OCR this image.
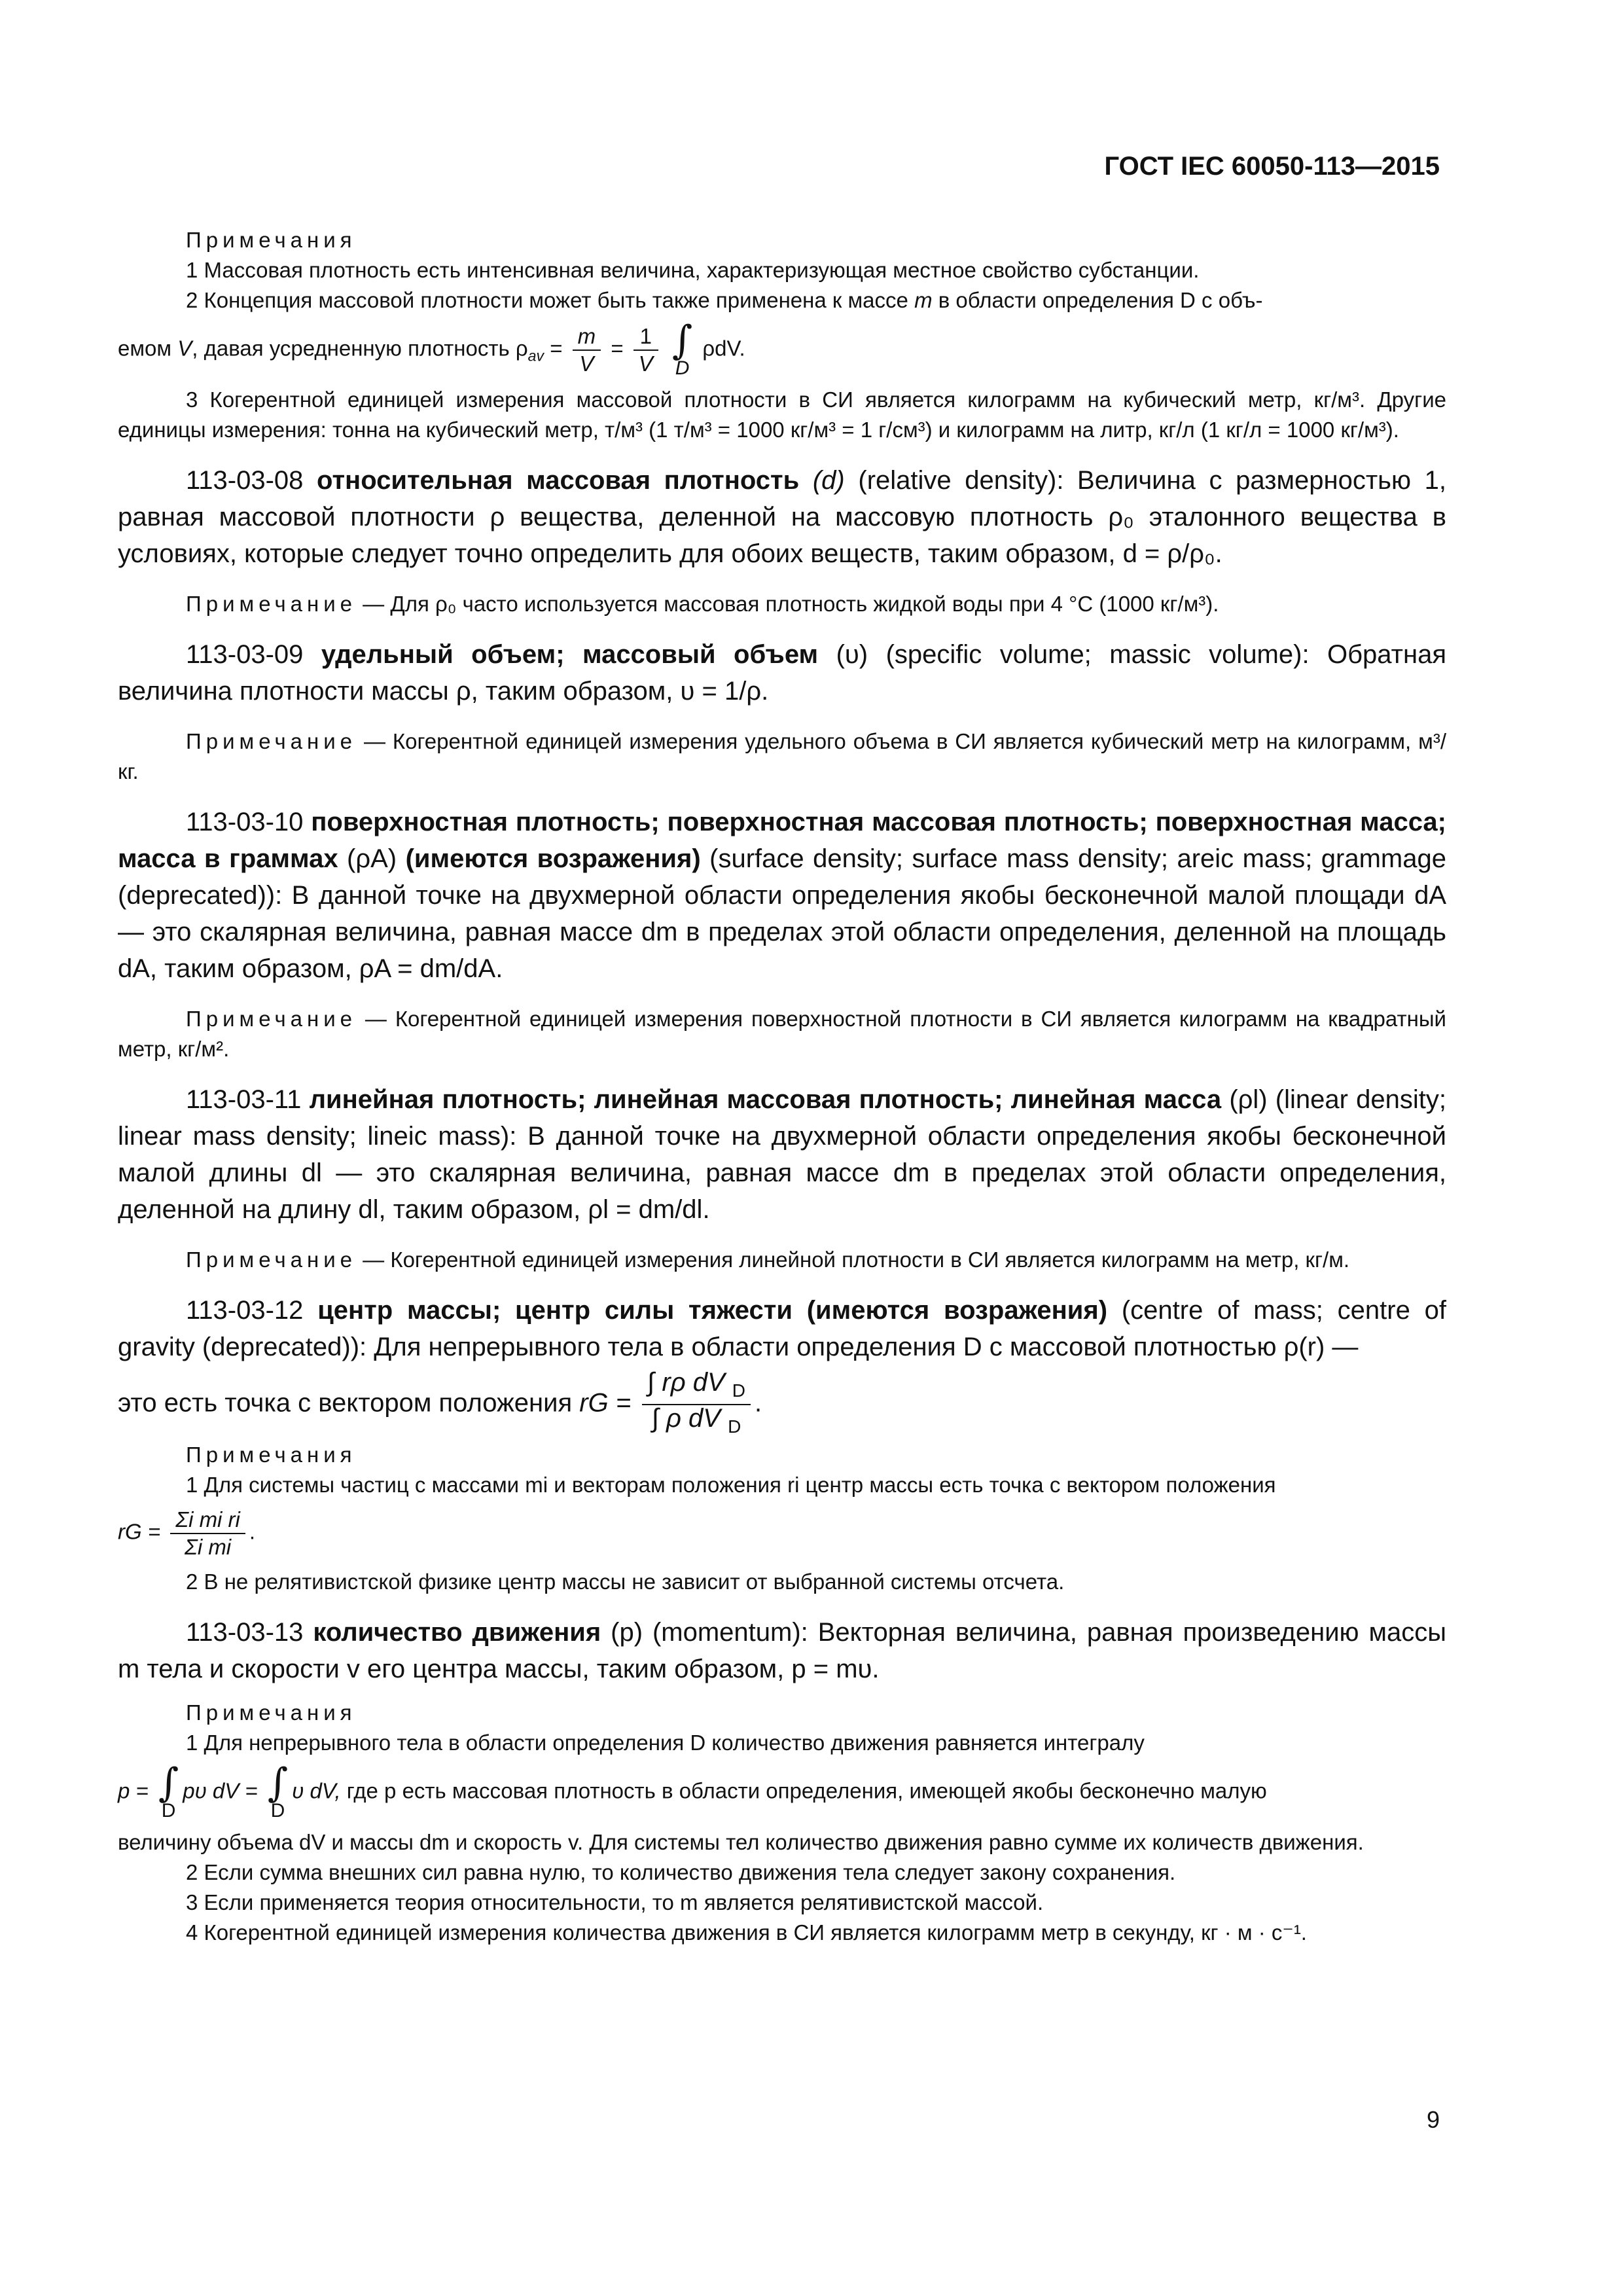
ГОСТ IEC 60050-113—2015

Примечания

1 Массовая плотность есть интенсивная величина, характеризующая местное свойство субстанции.

2 Концепция массовой плотности может быть также применена к массе m в области определения D с объ-

емом V, давая усредненную плотность $\rho_{av} = \frac{m}{V} = \frac{1}{V}$
∫
D
ρdV.

3 Когерентной единицей измерения массовой плотности в СИ является килограмм на кубический метр, кг/м³. Другие единицы измерения: тонна на кубический метр, т/м³ (1 т/м³ = 1000 кг/м³ = 1 г/см³) и килограмм на литр, кг/л (1 кг/л = 1000 кг/м³).

113-03-08 относительная массовая плотность (d) (relative density): Величина с размерностью 1, равная массовой плотности ρ вещества, деленной на массовую плотность ρ₀ эталонного вещества в условиях, которые следует точно определить для обоих веществ, таким образом, d = ρ/ρ₀.

Примечание — Для ρ₀ часто используется массовая плотность жидкой воды при 4 °С (1000 кг/м³).

113-03-09 удельный объем; массовый объем (υ) (specific volume; massic volume): Обратная величина плотности массы ρ, таким образом, υ = 1/ρ.

Примечание — Когерентной единицей измерения удельного объема в СИ является кубический метр на килограмм, м³/кг.

113-03-10 поверхностная плотность; поверхностная массовая плотность; поверхностная масса; масса в граммах (ρA) (имеются возражения) (surface density; surface mass density; areic mass; grammage (deprecated)): В данной точке на двухмерной области определения якобы бесконечной малой площади dA — это скалярная величина, равная массе dm в пределах этой области определения, деленной на площадь dA, таким образом, ρA = dm/dA.

Примечание — Когерентной единицей измерения поверхностной плотности в СИ является килограмм на квадратный метр, кг/м².

113-03-11 линейная плотность; линейная массовая плотность; линейная масса (ρl) (linear density; linear mass density; lineic mass): В данной точке на двухмерной области определения якобы бесконечной малой длины dl — это скалярная величина, равная массе dm в пределах этой области определения, деленной на длину dl, таким образом, ρl = dm/dl.

Примечание — Когерентной единицей измерения линейной плотности в СИ является килограмм на метр, кг/м.

113-03-12 центр массы; центр силы тяжести (имеются возражения) (centre of mass; centre of gravity (deprecated)): Для непрерывного тела в области определения D с массовой плотностью ρ(r) —

это есть точка с вектором положения rG = $\frac{\int r\rho dV _D}{\int \rho dV _D}$ .

Примечания

1 Для системы частиц с массами mi и векторам положения ri центр массы есть точка с вектором положения

rG = $\frac{\text{Σi mi ri}}{\text{Σi mi}}$ .

2 В не релятивистской физике центр массы не зависит от выбранной системы отсчета.

113-03-13 количество движения (p) (momentum): Векторная величина, равная произведению массы m тела и скорости v его центра массы, таким образом, p = mυ.

Примечания

1 Для непрерывного тела в области определения D количество движения равняется интегралу

p = ∫
D
pυ dV = ∫
D
υ dV, где р есть массовая плотность в области определения, имеющей якобы бесконечно малую

величину объема dV и массы dm и скорость v. Для системы тел количество движения равно сумме их количеств движения.

2 Если сумма внешних сил равна нулю, то количество движения тела следует закону сохранения.

3 Если применяется теория относительности, то m является релятивистской массой.

4 Когерентной единицей измерения количества движения в СИ является килограмм метр в секунду, кг · м · с⁻¹.

9
